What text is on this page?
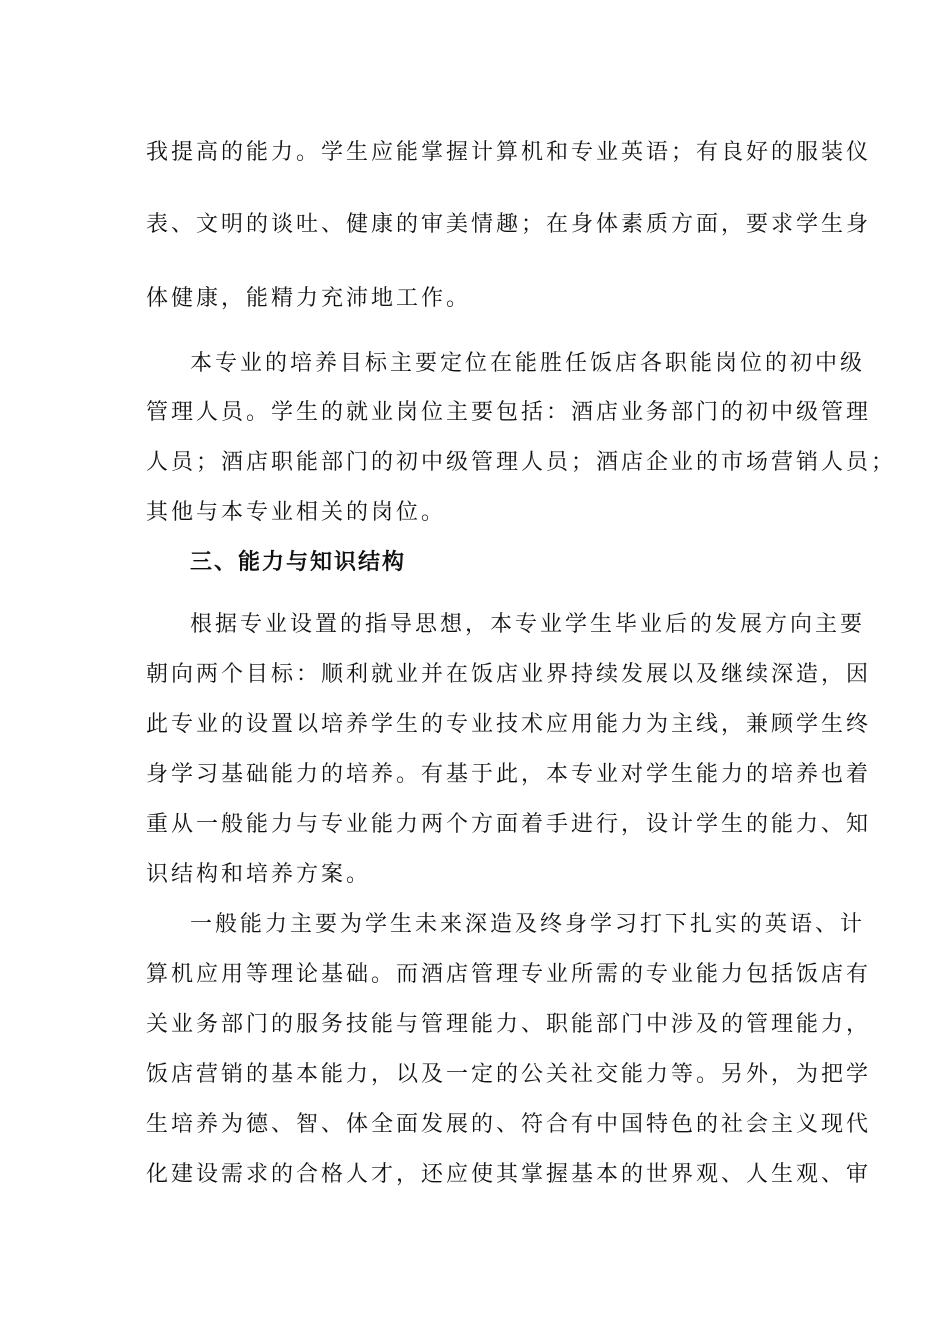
我提高的能力。学生应能掌握计算机和专业英语；有良好的服装仪
表、文明的谈吐、健康的审美情趣；在身体素质方面，要求学生身
体健康，能精力充沛地工作。
本专业的培养目标主要定位在能胜任饭店各职能岗位的初中级
管理人员。学生的就业岗位主要包括：酒店业务部门的初中级管理
人员；酒店职能部门的初中级管理人员；酒店企业的市场营销人员；
其他与本专业相关的岗位。
三、能力与知识结构
根据专业设置的指导思想，本专业学生毕业后的发展方向主要
朝向两个目标：顺利就业并在饭店业界持续发展以及继续深造，因
此专业的设置以培养学生的专业技术应用能力为主线，兼顾学生终
身学习基础能力的培养。有基于此，本专业对学生能力的培养也着
重从一般能力与专业能力两个方面着手进行，设计学生的能力、知
识结构和培养方案。
一般能力主要为学生未来深造及终身学习打下扎实的英语、计
算机应用等理论基础。而酒店管理专业所需的专业能力包括饭店有
关业务部门的服务技能与管理能力、职能部门中涉及的管理能力，
饭店营销的基本能力，以及一定的公关社交能力等。另外，为把学
生培养为德、智、体全面发展的、符合有中国特色的社会主义现代
化建设需求的合格人才，还应使其掌握基本的世界观、人生观、审
